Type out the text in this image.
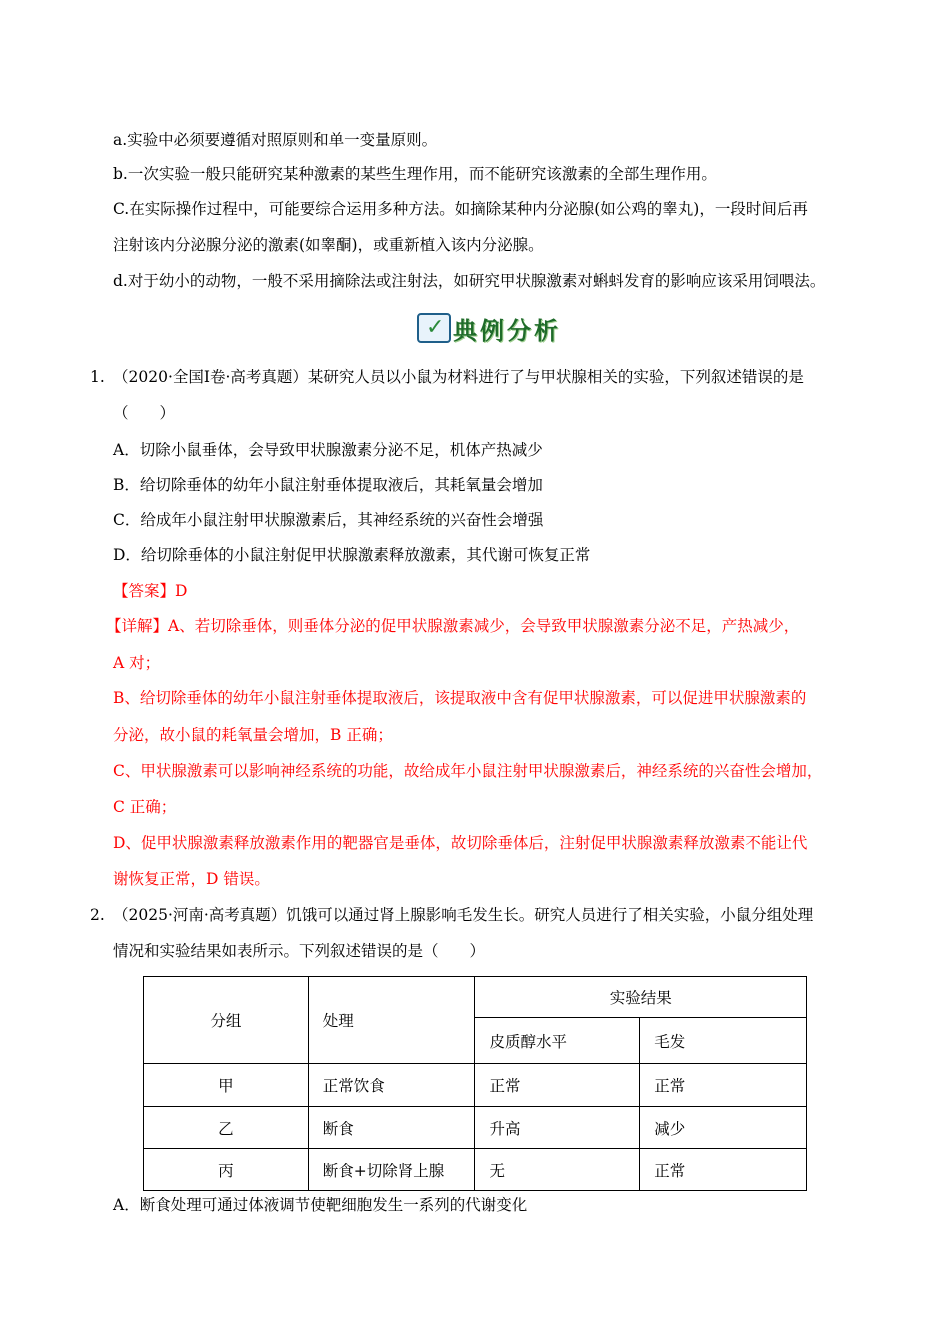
a.实验中必须要遵循对照原则和单一变量原则。
b.一次实验一般只能研究某种激素的某些生理作用，而不能研究该激素的全部生理作用。
C.在实际操作过程中，可能要综合运用多种方法。如摘除某种内分泌腺(如公鸡的睾丸)，一段时间后再
注射该内分泌腺分泌的激素(如睾酮)，或重新植入该内分泌腺。
d.对于幼小的动物，一般不采用摘除法或注射法，如研究甲状腺激素对蝌蚪发育的影响应该采用饲喂法。
✓ 典例分析
1. （2020·全国Ⅰ卷·高考真题）某研究人员以小鼠为材料进行了与甲状腺相关的实验，下列叙述错误的是
（　　）
A．切除小鼠垂体，会导致甲状腺激素分泌不足，机体产热减少
B．给切除垂体的幼年小鼠注射垂体提取液后，其耗氧量会增加
C．给成年小鼠注射甲状腺激素后，其神经系统的兴奋性会增强
D．给切除垂体的小鼠注射促甲状腺激素释放激素，其代谢可恢复正常
【答案】D
【详解】A、若切除垂体，则垂体分泌的促甲状腺激素减少，会导致甲状腺激素分泌不足，产热减少，
A 对；
B、给切除垂体的幼年小鼠注射垂体提取液后，该提取液中含有促甲状腺激素，可以促进甲状腺激素的
分泌，故小鼠的耗氧量会增加，B 正确；
C、甲状腺激素可以影响神经系统的功能，故给成年小鼠注射甲状腺激素后，神经系统的兴奋性会增加，
C 正确；
D、促甲状腺激素释放激素作用的靶器官是垂体，故切除垂体后，注射促甲状腺激素释放激素不能让代
谢恢复正常，D 错误。
2. （2025·河南·高考真题）饥饿可以通过肾上腺影响毛发生长。研究人员进行了相关实验，小鼠分组处理
情况和实验结果如表所示。下列叙述错误的是（　　）
分组	处理	实验结果	
		皮质醇水平	毛发
甲	正常饮食	正常	正常
乙	断食	升高	减少
丙	断食+切除肾上腺	无	正常
A．断食处理可通过体液调节使靶细胞发生一系列的代谢变化
